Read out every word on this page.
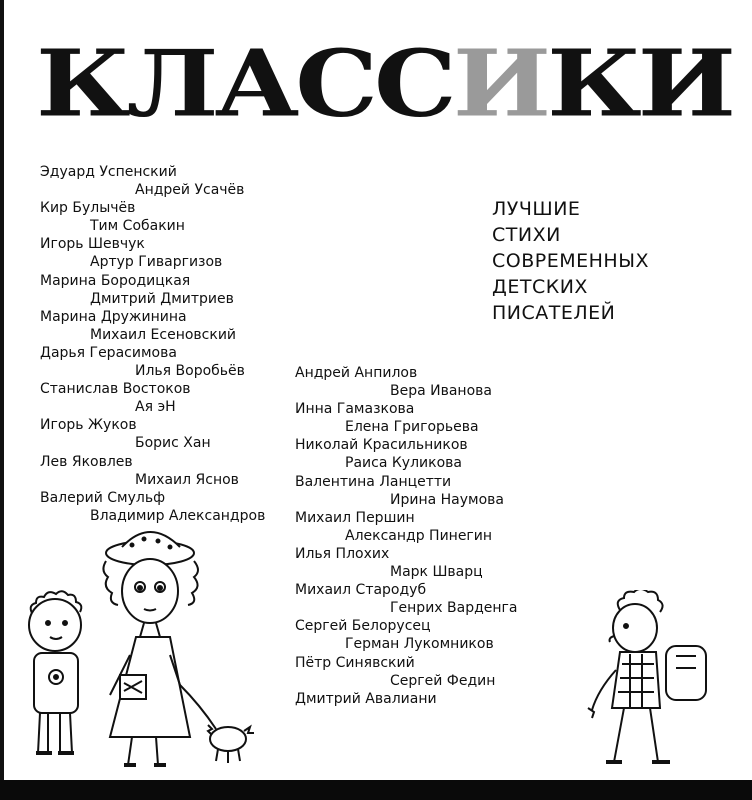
КЛАССИКИ
ЛУЧШИЕ
СТИХИ
СОВРЕМЕННЫХ
ДЕТСКИХ
ПИСАТЕЛЕЙ
Эдуард Успенский
Андрей Усачёв
Кир Булычёв
Тим Собакин
Игорь Шевчук
Артур Гиваргизов
Марина Бородицкая
Дмитрий Дмитриев
Марина Дружинина
Михаил Есеновский
Дарья Герасимова
Илья Воробьёв
Станислав Востоков
Ая эН
Игорь Жуков
Борис Хан
Лев Яковлев
Михаил Яснов
Валерий Смульф
Владимир Александров
Андрей Анпилов
Вера Иванова
Инна Гамазкова
Елена Григорьева
Николай Красильников
Раиса Куликова
Валентина Ланцетти
Ирина Наумова
Михаил Першин
Александр Пинегин
Илья Плохих
Марк Шварц
Михаил Стародуб
Генрих Варденга
Сергей Белорусец
Герман Лукомников
Пётр Синявский
Сергей Федин
Дмитрий Авалиани
